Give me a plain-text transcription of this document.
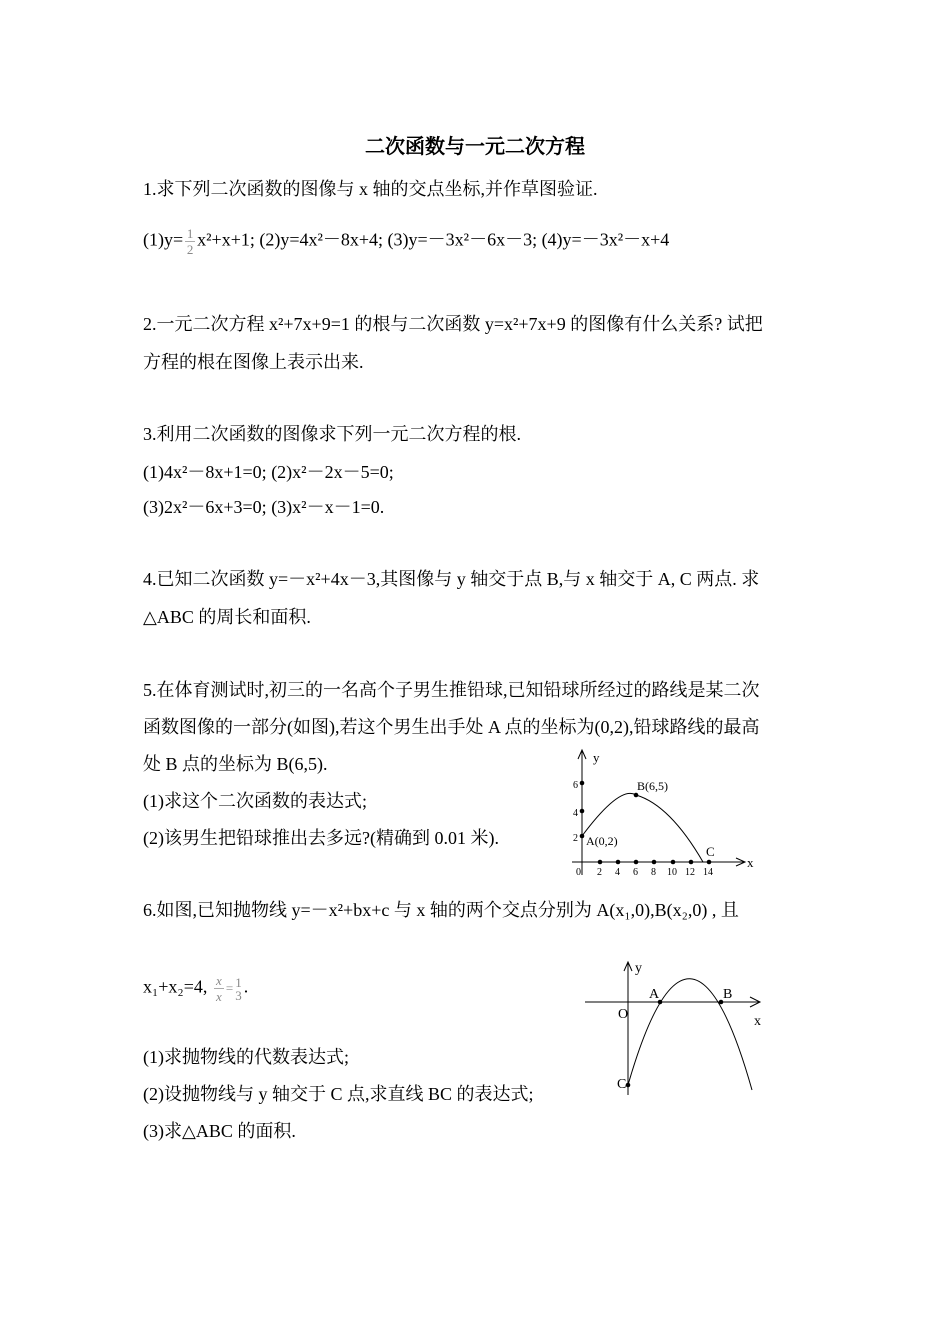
二次函数与一元二次方程
1.求下列二次函数的图像与 x 轴的交点坐标,并作草图验证.
$(1)y= \frac{1}{2} x^2+x+1$; (2)y=4x²－8x+4; (3)y=－3x²－6x－3; (4)y=－3x²－x+4
2.一元二次方程 x²+7x+9=1 的根与二次函数 y=x²+7x+9 的图像有什么关系? 试把
方程的根在图像上表示出来.
3.利用二次函数的图像求下列一元二次方程的根.
(1)4x²－8x+1=0; (2)x²－2x－5=0;
(3)2x²－6x+3=0; (3)x²－x－1=0.
4.已知二次函数 y=－x²+4x－3,其图像与 y 轴交于点 B,与 x 轴交于 A, C 两点. 求
△ABC 的周长和面积.
5.在体育测试时,初三的一名高个子男生推铅球,已知铅球所经过的路线是某二次
函数图像的一部分(如图),若这个男生出手处 A 点的坐标为(0,2),铅球路线的最高
处 B 点的坐标为 B(6,5).
(1)求这个二次函数的表达式;
(2)该男生把铅球推出去多远?(精确到 0.01 米).
y
x
2
4
6
0 2 4 6 8 10 12 14
A(0,2)
B(6,5)
C
6.如图,已知抛物线 y=－x²+bx+c 与 x 轴的两个交点分别为 A(x₁,0),B(x₂,0) , 且
x₁+x₂=4, $\frac{x}{x} = 1$
3 .
(1)求抛物线的代数表达式;
(2)设抛物线与 y 轴交于 C 点,求直线 BC 的表达式;
(3)求△ABC 的面积.
y
x
O
A	B
C
